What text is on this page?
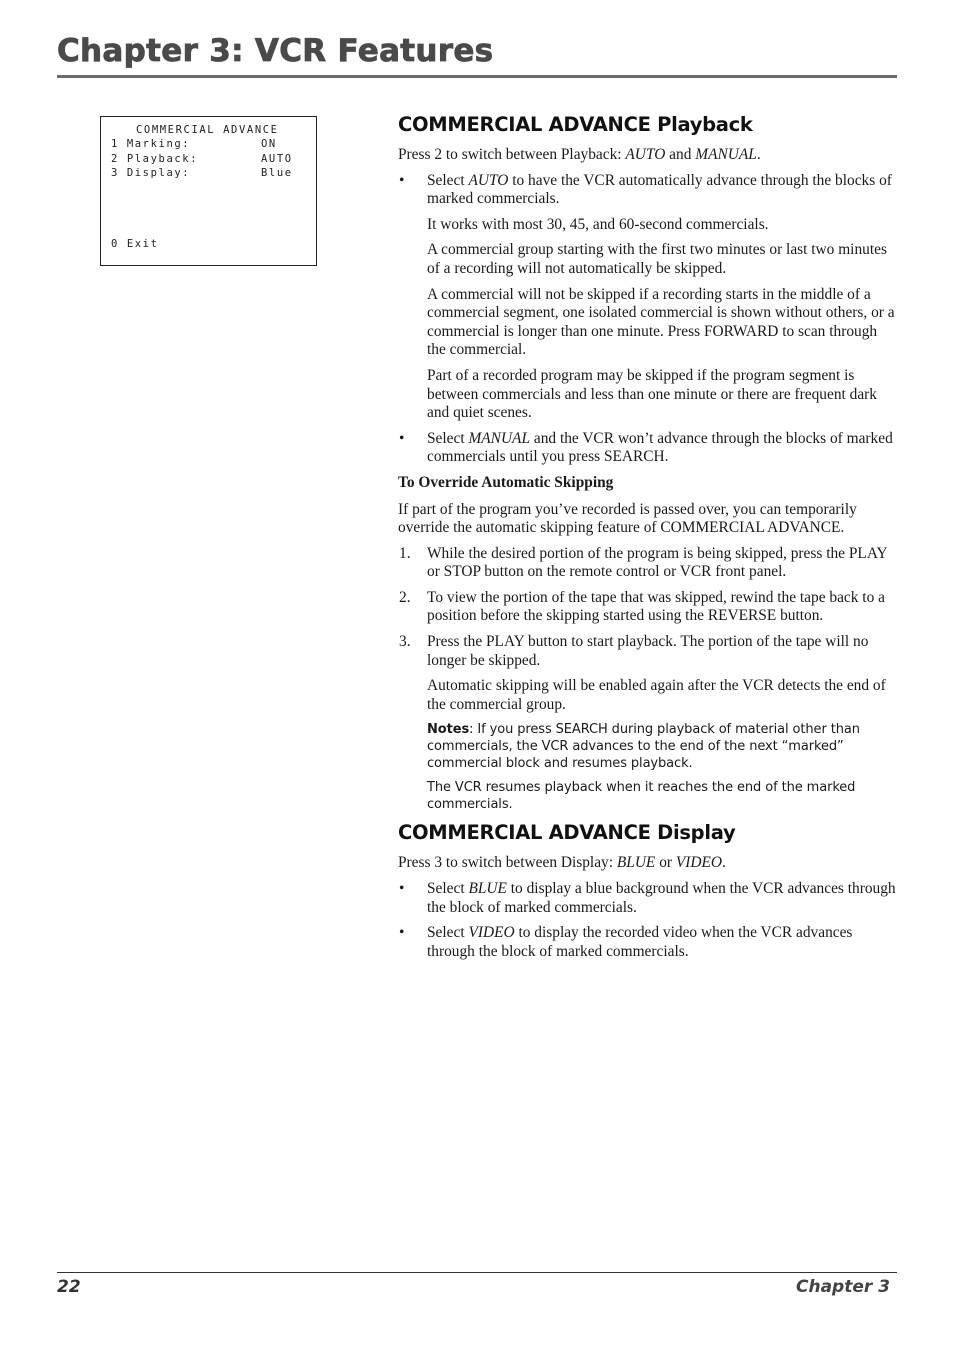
Chapter 3: VCR Features
COMMERCIAL ADVANCE
1 Marking:	ON
2 Playback:	AUTO
3 Display:	Blue
0 Exit
COMMERCIAL ADVANCE Playback

Press 2 to switch between Playback: AUTO and MANUAL.

• Select AUTO to have the VCR automatically advance through the blocks of marked commercials.

It works with most 30, 45, and 60-second commercials.

A commercial group starting with the first two minutes or last two minutes of a recording will not automatically be skipped.

A commercial will not be skipped if a recording starts in the middle of a commercial segment, one isolated commercial is shown without others, or a commercial is longer than one minute. Press FORWARD to scan through the commercial.

Part of a recorded program may be skipped if the program segment is between commercials and less than one minute or there are frequent dark and quiet scenes.

• Select MANUAL and the VCR won’t advance through the blocks of marked commercials until you press SEARCH.
To Override Automatic Skipping

If part of the program you’ve recorded is passed over, you can temporarily override the automatic skipping feature of COMMERCIAL ADVANCE.

1. While the desired portion of the program is being skipped, press the PLAY or STOP button on the remote control or VCR front panel.
2. To view the portion of the tape that was skipped, rewind the tape back to a position before the skipping started using the REVERSE button.
3. Press the PLAY button to start playback. The portion of the tape will no longer be skipped.

Automatic skipping will be enabled again after the VCR detects the end of the commercial group.

Notes: If you press SEARCH during playback of material other than commercials, the VCR advances to the end of the next “marked” commercial block and resumes playback.

The VCR resumes playback when it reaches the end of the marked commercials.

COMMERCIAL ADVANCE Display

Press 3 to switch between Display: BLUE or VIDEO.

• Select BLUE to display a blue background when the VCR advances through the block of marked commercials.
• Select VIDEO to display the recorded video when the VCR advances through the block of marked commercials.
22	Chapter 3
